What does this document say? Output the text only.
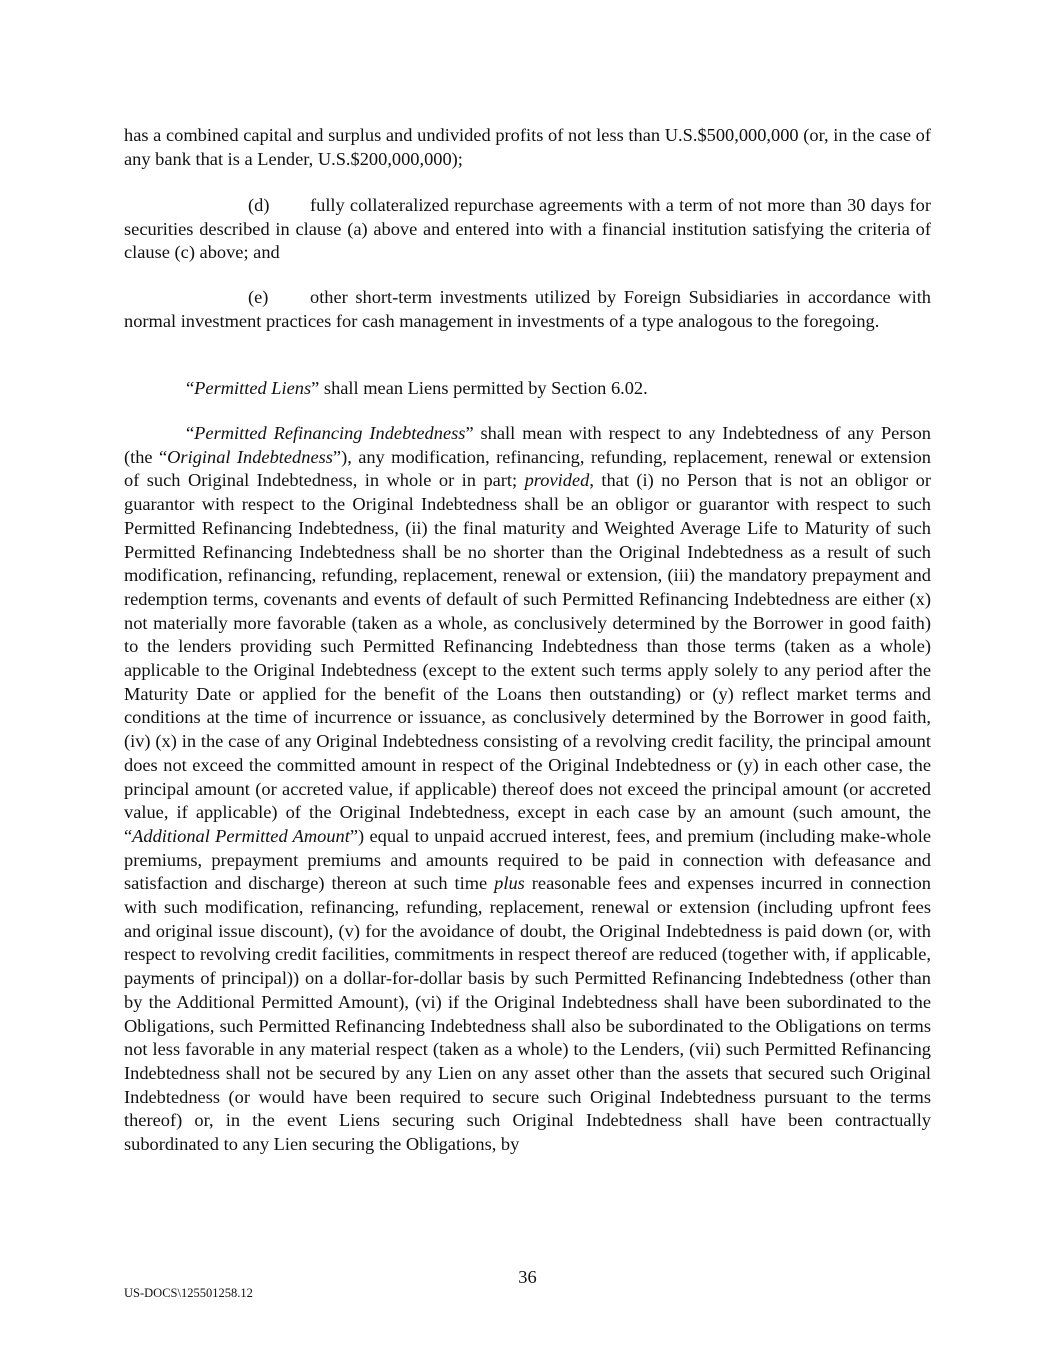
has a combined capital and surplus and undivided profits of not less than U.S.$500,000,000 (or, in the case of any bank that is a Lender, U.S.$200,000,000);

(d) fully collateralized repurchase agreements with a term of not more than 30 days for securities described in clause (a) above and entered into with a financial institution satisfying the criteria of clause (c) above; and

(e) other short-term investments utilized by Foreign Subsidiaries in accordance with normal investment practices for cash management in investments of a type analogous to the foregoing.

“Permitted Liens” shall mean Liens permitted by Section 6.02.

“Permitted Refinancing Indebtedness” shall mean with respect to any Indebtedness of any Person (the “Original Indebtedness”), any modification, refinancing, refunding, replacement, renewal or extension of such Original Indebtedness, in whole or in part; provided, that (i) no Person that is not an obligor or guarantor with respect to the Original Indebtedness shall be an obligor or guarantor with respect to such Permitted Refinancing Indebtedness, (ii) the final maturity and Weighted Average Life to Maturity of such Permitted Refinancing Indebtedness shall be no shorter than the Original Indebtedness as a result of such modification, refinancing, refunding, replacement, renewal or extension, (iii) the mandatory prepayment and redemption terms, covenants and events of default of such Permitted Refinancing Indebtedness are either (x) not materially more favorable (taken as a whole, as conclusively determined by the Borrower in good faith) to the lenders providing such Permitted Refinancing Indebtedness than those terms (taken as a whole) applicable to the Original Indebtedness (except to the extent such terms apply solely to any period after the Maturity Date or applied for the benefit of the Loans then outstanding) or (y) reflect market terms and conditions at the time of incurrence or issuance, as conclusively determined by the Borrower in good faith, (iv) (x) in the case of any Original Indebtedness consisting of a revolving credit facility, the principal amount does not exceed the committed amount in respect of the Original Indebtedness or (y) in each other case, the principal amount (or accreted value, if applicable) thereof does not exceed the principal amount (or accreted value, if applicable) of the Original Indebtedness, except in each case by an amount (such amount, the “Additional Permitted Amount”) equal to unpaid accrued interest, fees, and premium (including make-whole premiums, prepayment premiums and amounts required to be paid in connection with defeasance and satisfaction and discharge) thereon at such time plus reasonable fees and expenses incurred in connection with such modification, refinancing, refunding, replacement, renewal or extension (including upfront fees and original issue discount), (v) for the avoidance of doubt, the Original Indebtedness is paid down (or, with respect to revolving credit facilities, commitments in respect thereof are reduced (together with, if applicable, payments of principal)) on a dollar-for-dollar basis by such Permitted Refinancing Indebtedness (other than by the Additional Permitted Amount), (vi) if the Original Indebtedness shall have been subordinated to the Obligations, such Permitted Refinancing Indebtedness shall also be subordinated to the Obligations on terms not less favorable in any material respect (taken as a whole) to the Lenders, (vii) such Permitted Refinancing Indebtedness shall not be secured by any Lien on any asset other than the assets that secured such Original Indebtedness (or would have been required to secure such Original Indebtedness pursuant to the terms thereof) or, in the event Liens securing such Original Indebtedness shall have been contractually subordinated to any Lien securing the Obligations, by

36
US-DOCS\125501258.12
